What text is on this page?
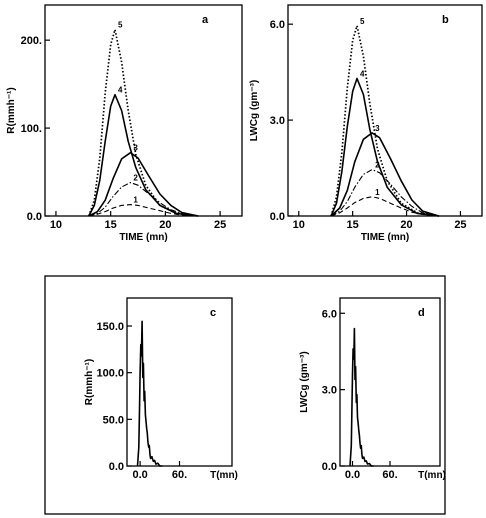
10	15	20	25
0.0
100.
200.
TIME (mn)
R(mmh⁻¹)
a
1
2
3
4
5
10	15	20	25
0.0
3.0
6.0
TIME (mn)
LWCg (gm⁻³)
b
1
2
3
4
5
0.0 60.
0.0
50.0
100.0
150.0
T(mn)
R(mmh⁻¹)
c
0.0 60.
0.0
3.0
6.0
T(mn)
LWCg (gm⁻³)
d
